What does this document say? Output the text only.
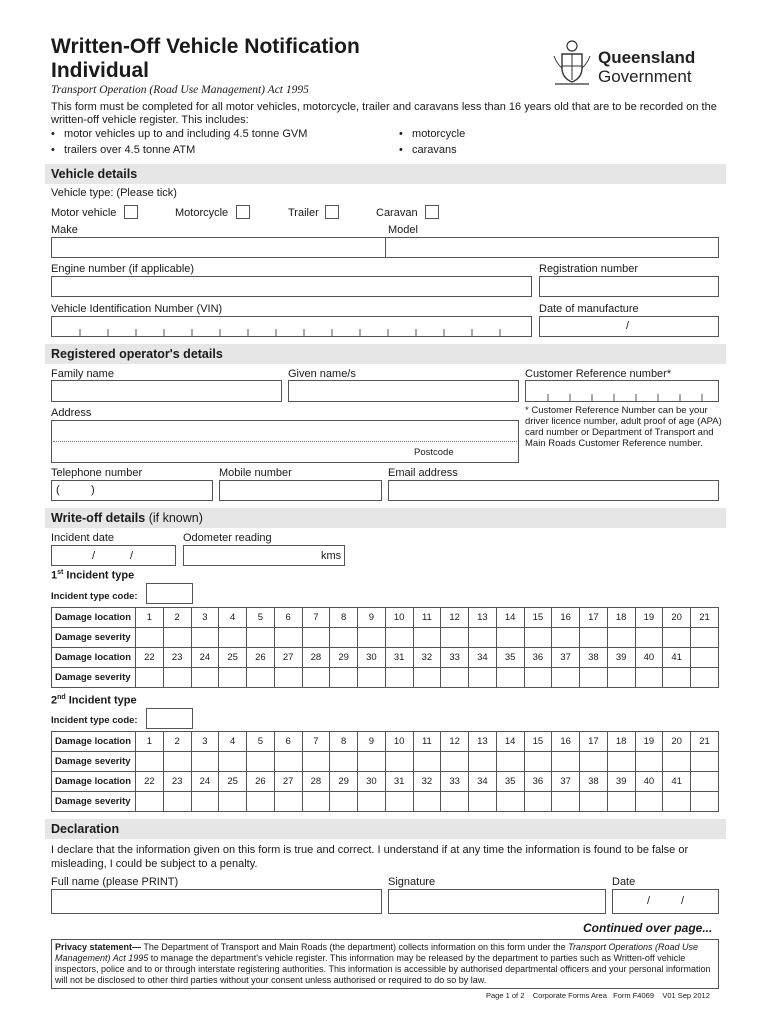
Written-Off Vehicle Notification
Individual
Transport Operation (Road Use Management) Act 1995
Queensland
Government
This form must be completed for all motor vehicles, motorcycle, trailer and caravans less than 16 years old that are to be recorded on the written-off vehicle register. This includes:
•   motor vehicles up to and including 4.5 tonne GVM
•   trailers over 4.5 tonne ATM
•   motorcycle
•   caravans
Vehicle details
Vehicle type: (Please tick)
Motor vehicle	Motorcycle	Trailer	Caravan
Make	Model
Engine number (if applicable)	Registration number
Vehicle Identification Number (VIN)	Date of manufacture
/
Registered operator's details
Family name	Given name/s	Customer Reference number*
Address
Postcode
* Customer Reference Number can be your driver licence number, adult proof of age (APA) card number or Department of Transport and Main Roads Customer Reference number.
Telephone number	Mobile number	Email address
(	)
Write-off details (if known)
Incident date	Odometer reading
/	/	kms
1st Incident type
Incident type code:
Damage location	1	2	3	4	5	6	7	8	9	10	11	12	13	14	15	16	17	18	19	20	21
Damage severity																					
Damage location	22	23	24	25	26	27	28	29	30	31	32	33	34	35	36	37	38	39	40	41	
Damage severity																					
2nd Incident type
Incident type code:
Damage location	1	2	3	4	5	6	7	8	9	10	11	12	13	14	15	16	17	18	19	20	21
Damage severity																					
Damage location	22	23	24	25	26	27	28	29	30	31	32	33	34	35	36	37	38	39	40	41	
Damage severity																					
Declaration
I declare that the information given on this form is true and correct. I understand if at any time the information is found to be false or misleading, I could be subject to a penalty.
Full name (please PRINT)	Signature	Date
/	/
Continued over page...
Privacy statement— The Department of Transport and Main Roads (the department) collects information on this form under the Transport Operations (Road Use Management) Act 1995 to manage the department's vehicle register. This information may be released by the department to parties such as Written-off vehicle inspectors, police and to or through interstate registering authorities. This information is accessible by authorised departmental officers and your personal information will not be disclosed to other third parties without your consent unless authorised or required to do so by law.
Page 1 of 2    Corporate Forms Area   Form F4069    V01 Sep 2012
